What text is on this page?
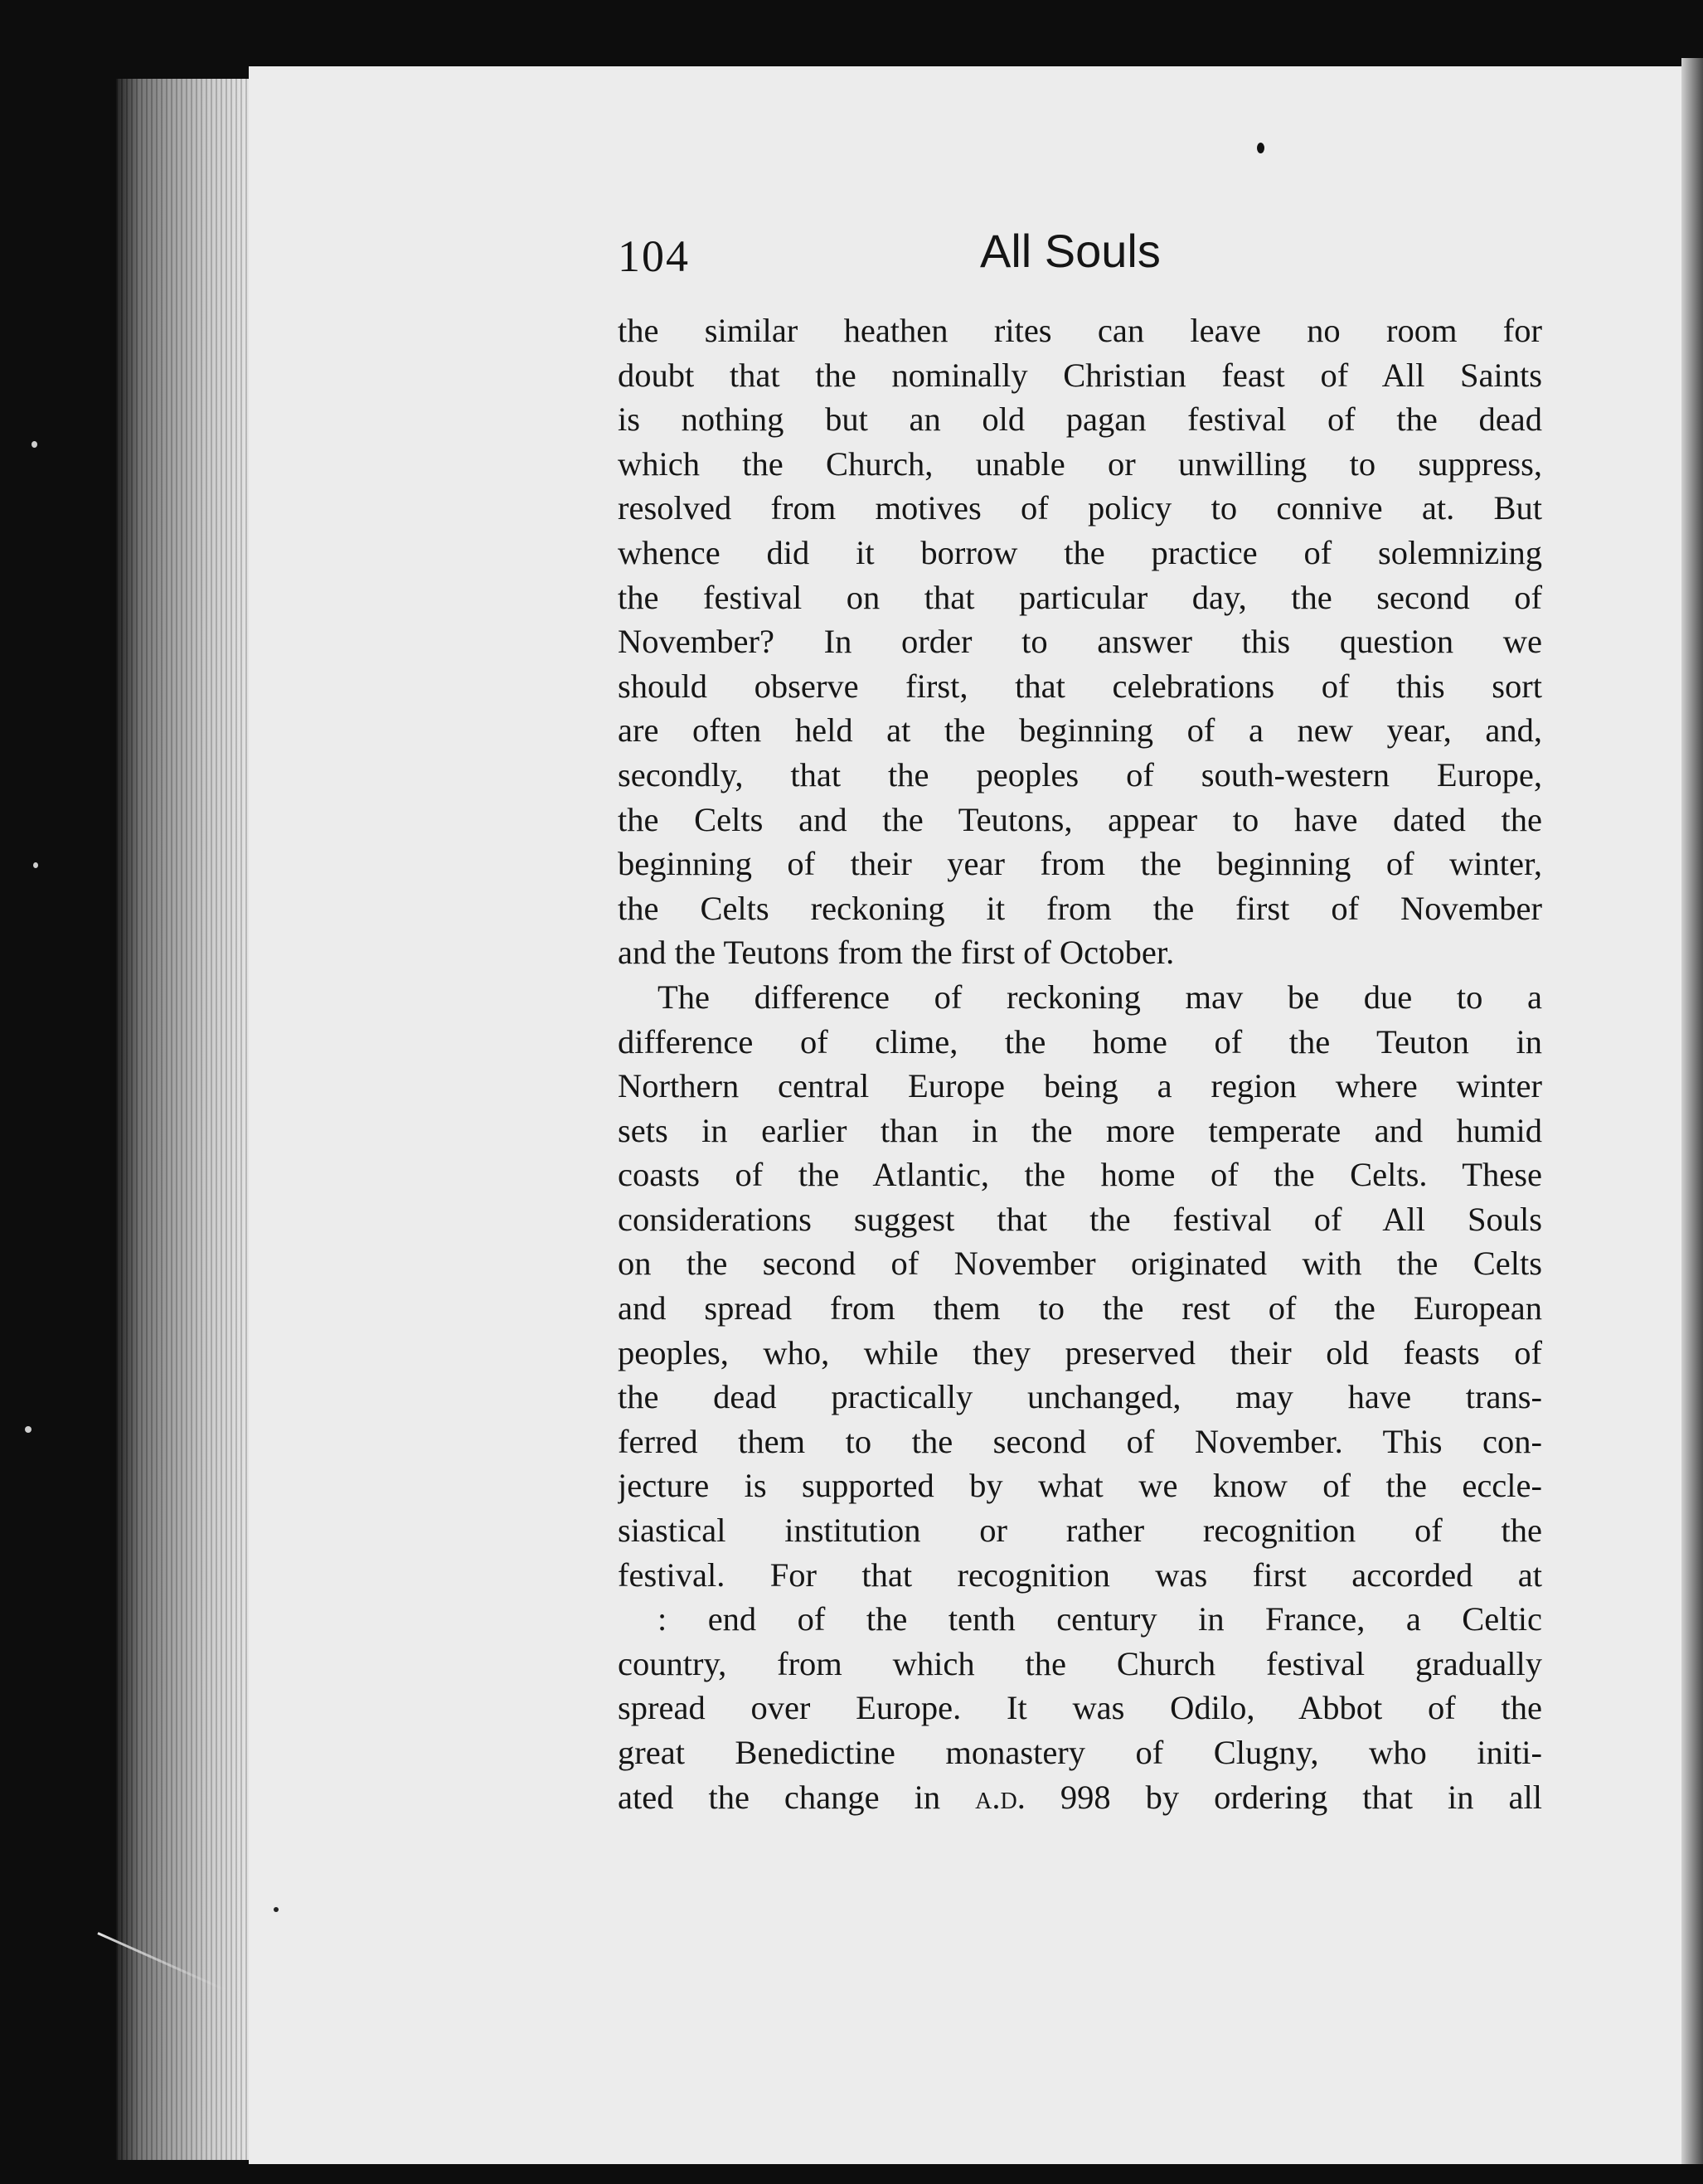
104	All Souls
the similar heathen rites can leave no room for
doubt that the nominally Christian feast of All Saints
is nothing but an old pagan festival of the dead
which the Church, unable or unwilling to suppress,
resolved from motives of policy to connive at. But
whence did it borrow the practice of solemnizing
the festival on that particular day, the second of
November? In order to answer this question we
should observe first, that celebrations of this sort
are often held at the beginning of a new year, and,
secondly, that the peoples of south-western Europe,
the Celts and the Teutons, appear to have dated the
beginning of their year from the beginning of winter,
the Celts reckoning it from the first of November
and the Teutons from the first of October.
The difference of reckoning mav be due to a
difference of clime, the home of the Teuton in
Northern central Europe being a region where winter
sets in earlier than in the more temperate and humid
coasts of the Atlantic, the home of the Celts. These
considerations suggest that the festival of All Souls
on the second of November originated with the Celts
and spread from them to the rest of the European
peoples, who, while they preserved their old feasts of
the dead practically unchanged, may have trans-
ferred them to the second of November. This con-
jecture is supported by what we know of the eccle-
siastical institution or rather recognition of the
festival. For that recognition was first accorded at
: end of the tenth century in France, a Celtic
country, from which the Church festival gradually
spread over Europe. It was Odilo, Abbot of the
great Benedictine monastery of Clugny, who initi-
ated the change in a.d. 998 by ordering that in all
